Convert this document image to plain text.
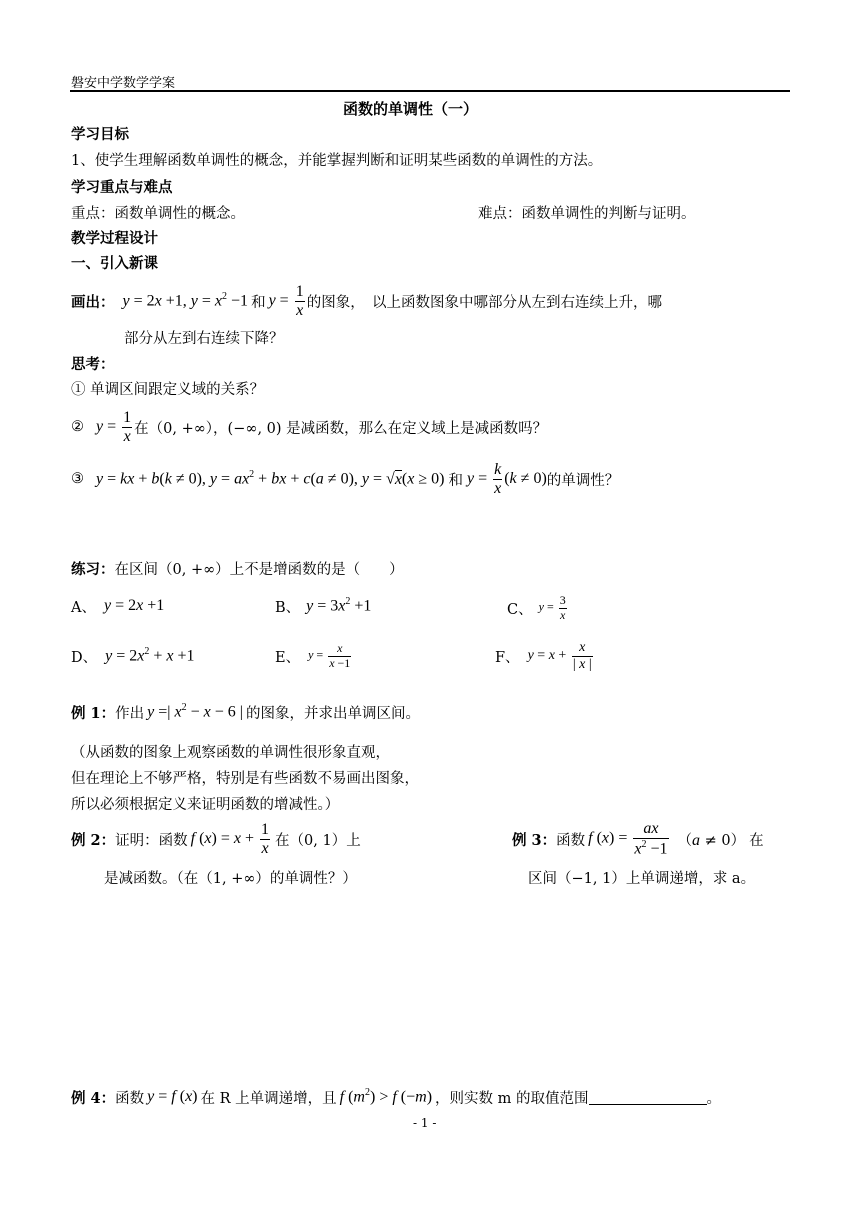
磐安中学数学学案
函数的单调性（一）
学习目标
1、使学生理解函数单调性的概念，并能掌握判断和证明某些函数的单调性的方法。
学习重点与难点
重点：函数单调性的概念。	难点：函数单调性的判断与证明。
教学过程设计
一、引入新课
画出： y = 2x +1, $y = x^2 -1$ 和 $y = \frac{1}{x}$ 的图象，　以上函数图象中哪部分从左到右连续上升，哪
部分从左到右连续下降？
思考：
① 单调区间跟定义域的关系？
② $y = \frac{1}{x}$ 在（0, +∞），(−∞, 0) 是减函数，那么在定义域上是减函数吗？
③ y = kx + b(k ≠ 0), $y = ax^2$ + bx + c(a ≠ 0), y = √x(x ≥ 0) 和 $y = \frac{k}{x} (k \ne 0)$ 的单调性？
练习：在区间（0, +∞）上不是增函数的是（　　）
A、 y = 2x +1	B、 $y = 3x^2 +1$	C、 $y = \frac{3}{x}$
D、 $y = 2x^2 + x +1$	E、 $y = \frac{x}{x -1}$	F、 $y = x + \frac{x}{| x |}$
例 1： 作出 y =| $x^2 - x - 6$ | 的图象，并求出单调区间。
（从函数的图象上观察函数的单调性很形象直观，
但在理论上不够严格，特别是有些函数不易画出图象，
所以必须根据定义来证明函数的增减性。）
例 2： 证明：函数 f $(x) = x + \frac{1}{x}$ 在（0, 1）上
是减函数。（在（1, +∞）的单调性？）
例 3： 函数 f $(x) = \frac{ax}{x^2 -1} (a \ne 0)$ 在
区间（−1, 1）上单调递增，求 a。
例 4： 函数 y = f (x) 在 R 上单调递增，且 f $(m^2) > f$ (−m) ，则实数 m 的取值范围	。
- 1 -
